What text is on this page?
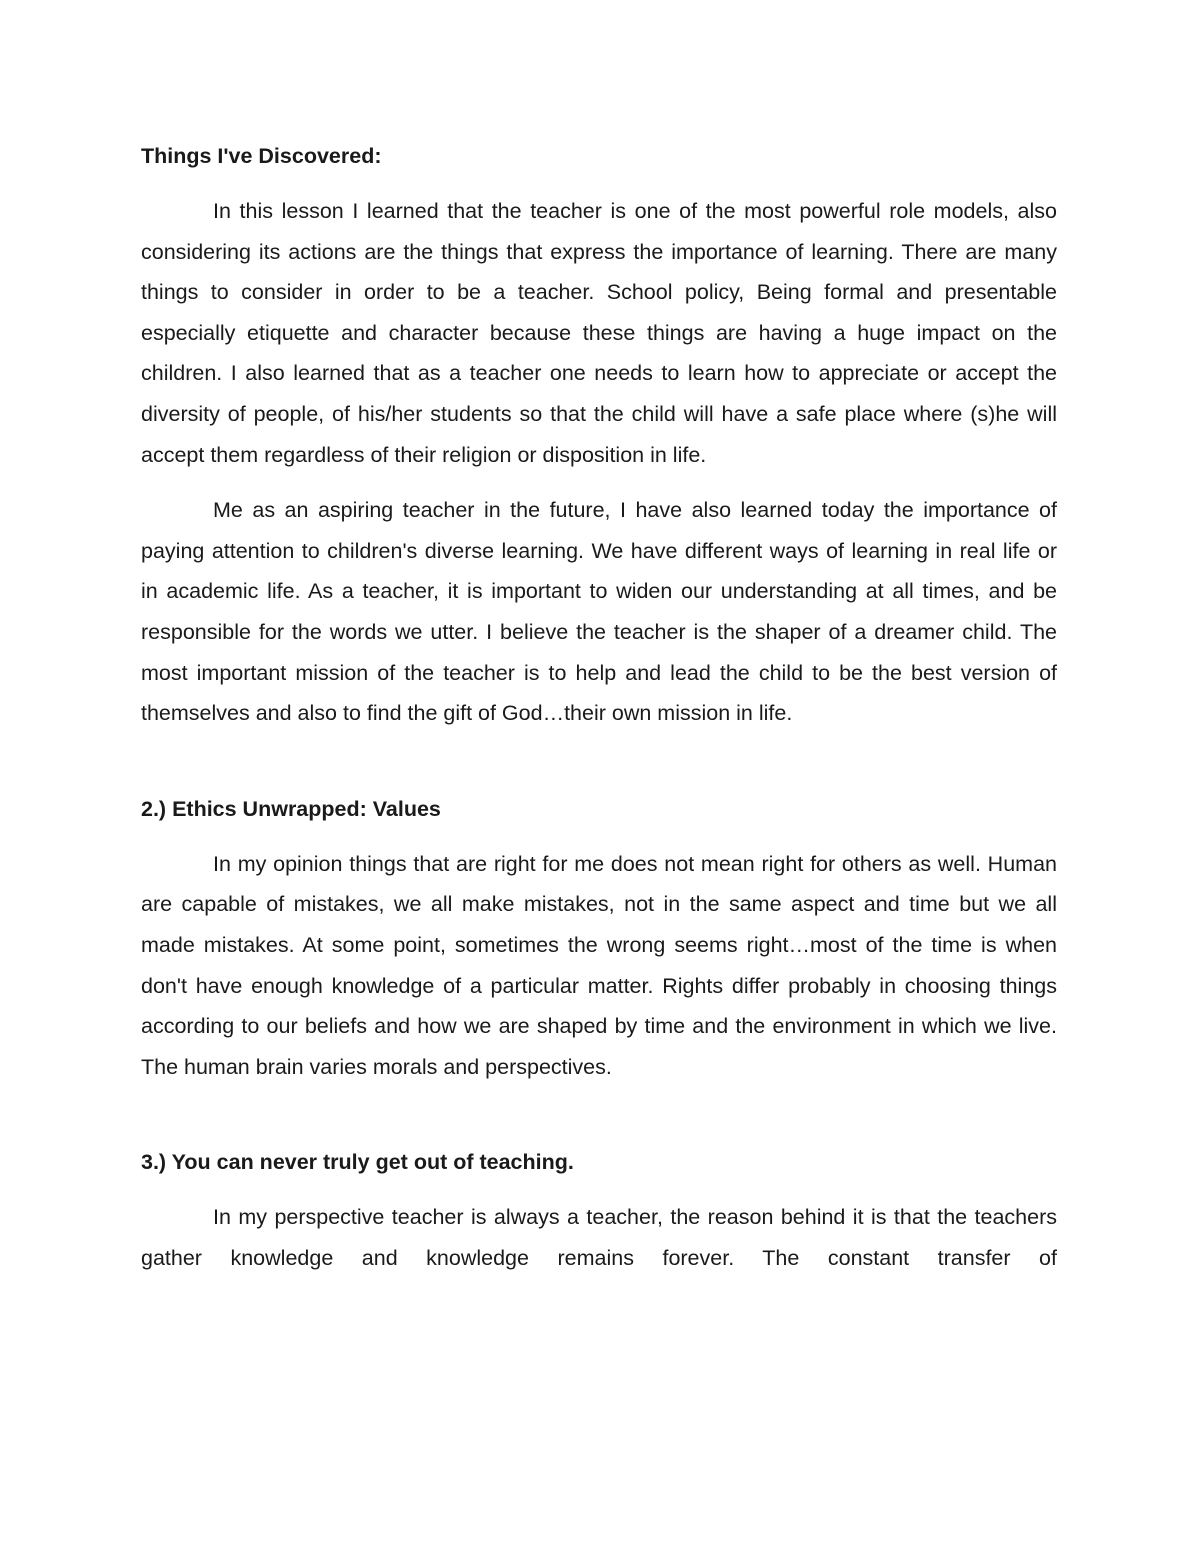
Things I've Discovered:

In this lesson I learned that the teacher is one of the most powerful role models, also considering its actions are the things that express the importance of learning. There are many things to consider in order to be a teacher. School policy, Being formal and presentable especially etiquette and character because these things are having a huge impact on the children. I also learned that as a teacher one needs to learn how to appreciate or accept the diversity of people, of his/her students so that the child will have a safe place where (s)he will accept them regardless of their religion or disposition in life.

Me as an aspiring teacher in the future, I have also learned today the importance of paying attention to children's diverse learning. We have different ways of learning in real life or in academic life. As a teacher, it is important to widen our understanding at all times, and be responsible for the words we utter. I believe the teacher is the shaper of a dreamer child. The most important mission of the teacher is to help and lead the child to be the best version of themselves and also to find the gift of God…their own mission in life.

2.) Ethics Unwrapped: Values

In my opinion things that are right for me does not mean right for others as well. Human are capable of mistakes, we all make mistakes, not in the same aspect and time but we all made mistakes. At some point, sometimes the wrong seems right…most of the time is when don't have enough knowledge of a particular matter. Rights differ probably in choosing things according to our beliefs and how we are shaped by time and the environment in which we live. The human brain varies morals and perspectives.

3.) You can never truly get out of teaching.

In my perspective teacher is always a teacher, the reason behind it is that the teachers gather knowledge and knowledge remains forever. The constant transfer of
